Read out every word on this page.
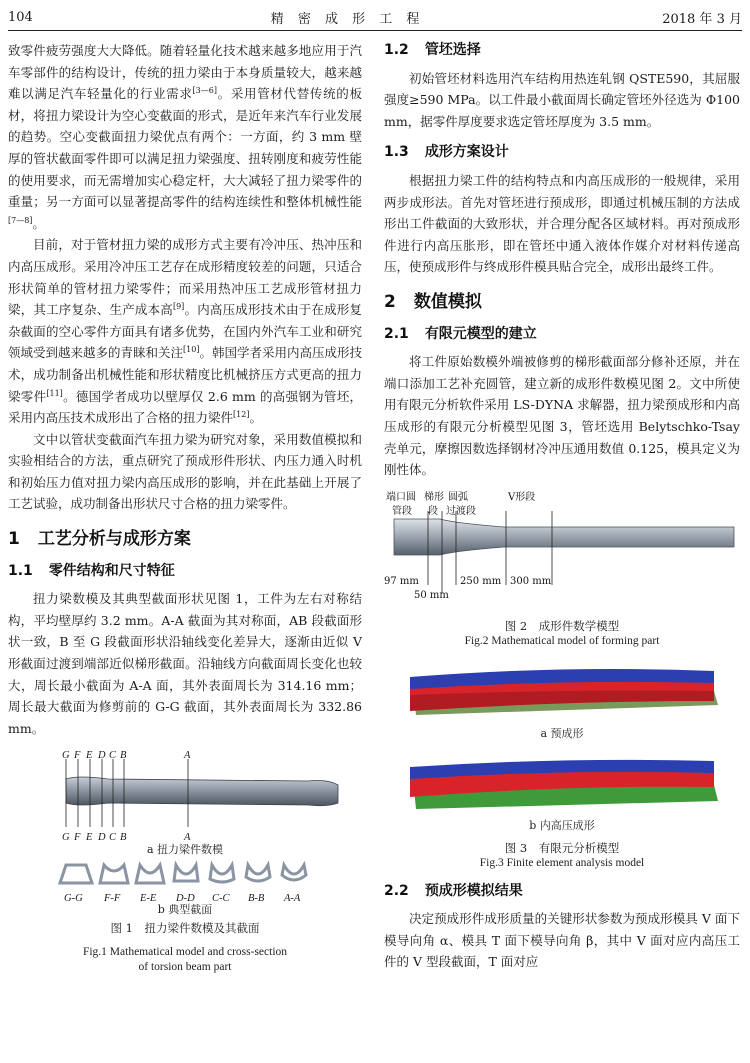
104	精 密 成 形 工 程	2018 年 3 月

致零件疲劳强度大大降低。随着轻量化技术越来越多地应用于汽车零部件的结构设计，传统的扭力梁由于本身质量较大，越来越难以满足汽车轻量化的行业需求[3—6]。采用管材代替传统的板材，将扭力梁设计为空心变截面的形式，是近年来汽车行业发展的趋势。空心变截面扭力梁优点有两个：一方面，约 3 mm 壁厚的管状截面零件即可以满足扭力梁强度、扭转刚度和疲劳性能的使用要求，而无需增加实心稳定杆，大大减轻了扭力梁零件的重量；另一方面可以显著提高零件的结构连续性和整体机械性能[7—8]。

目前，对于管材扭力梁的成形方式主要有冷冲压、热冲压和内高压成形。采用冷冲压工艺存在成形精度较差的问题，只适合形状简单的管材扭力梁零件；而采用热冲压工艺成形管材扭力梁，其工序复杂、生产成本高[9]。内高压成形技术由于在成形复杂截面的空心零件方面具有诸多优势，在国内外汽车工业和研究领域受到越来越多的青睐和关注[10]。韩国学者采用内高压成形技术，成功制备出机械性能和形状精度比机械挤压方式更高的扭力梁零件[11]。德国学者成功以壁厚仅 2.6 mm 的高强钢为管坯，采用内高压技术成形出了合格的扭力梁件[12]。

文中以管状变截面汽车扭力梁为研究对象，采用数值模拟和实验相结合的方法，重点研究了预成形件形状、内压力通入时机和初始压力值对扭力梁内高压成形的影响，并在此基础上开展了工艺试验，成功制备出形状尺寸合格的扭力梁零件。

1 工艺分析与成形方案
1.1 零件结构和尺寸特征

扭力梁数模及其典型截面形状见图 1，工件为左右对称结构，平均壁厚约 3.2 mm。A-A 截面为其对称面，AB 段截面形状一致，B 至 G 段截面形状沿轴线变化差异大，逐渐由近似 V 形截面过渡到端部近似梯形截面。沿轴线方向截面周长变化也较大，周长最小截面为 A-A 面，其外表面周长为 314.16 mm；周长最大截面为修剪前的 G-G 截面，其外表面周长为 332.86 mm。

G F E D C B	A
G F E D C B	A
a 扭力梁件数模
G-G F-F E-E D-D C-C B-B A-A
b 典型截面
图 1　扭力梁件数模及其截面
Fig.1 Mathematical model and cross-section
of torsion beam part
1.2 管坯选择

初始管坯材料选用汽车结构用热连轧钢 QSTE590，其屈服强度≥590 MPa。以工件最小截面周长确定管坯外径选为 Φ100 mm，据零件厚度要求选定管坯厚度为 3.5 mm。

1.3 成形方案设计

根据扭力梁工件的结构特点和内高压成形的一般规律，采用两步成形法。首先对管坯进行预成形，即通过机械压制的方法成形出工件截面的大致形状，并合理分配各区域材料。再对预成形件进行内高压胀形，即在管坯中通入液体作媒介对材料传递高压，使预成形件与终成形件模具贴合完全，成形出最终工件。

2 数值模拟
2.1 有限元模型的建立

将工件原始数模外端被修剪的梯形截面部分修补还原，并在端口添加工艺补充圆管，建立新的成形件数模见图 2。文中所使用有限元分析软件采用 LS-DYNA 求解器，扭力梁预成形和内高压成形的有限元分析模型见图 3，管坯选用 Belytschko-Tsay 壳单元，摩擦因数选择钢材冷冲压通用数值 0.125，模具定义为刚性体。

端口圆
管段
梯形
段
圆弧
过渡段
V形段
97 mm
50 mm
250 mm 300 mm
图 2　成形件数学模型
Fig.2 Mathematical model of forming part
a 预成形
b 内高压成形
图 3　有限元分析模型
Fig.3 Finite element analysis model
2.2 预成形模拟结果

决定预成形件成形质量的关键形状参数为预成形模具 V 面下模导向角 α、模具 T 面下模导向角 β，其中 V 面对应内高压工件的 V 型段截面，T 面对应
